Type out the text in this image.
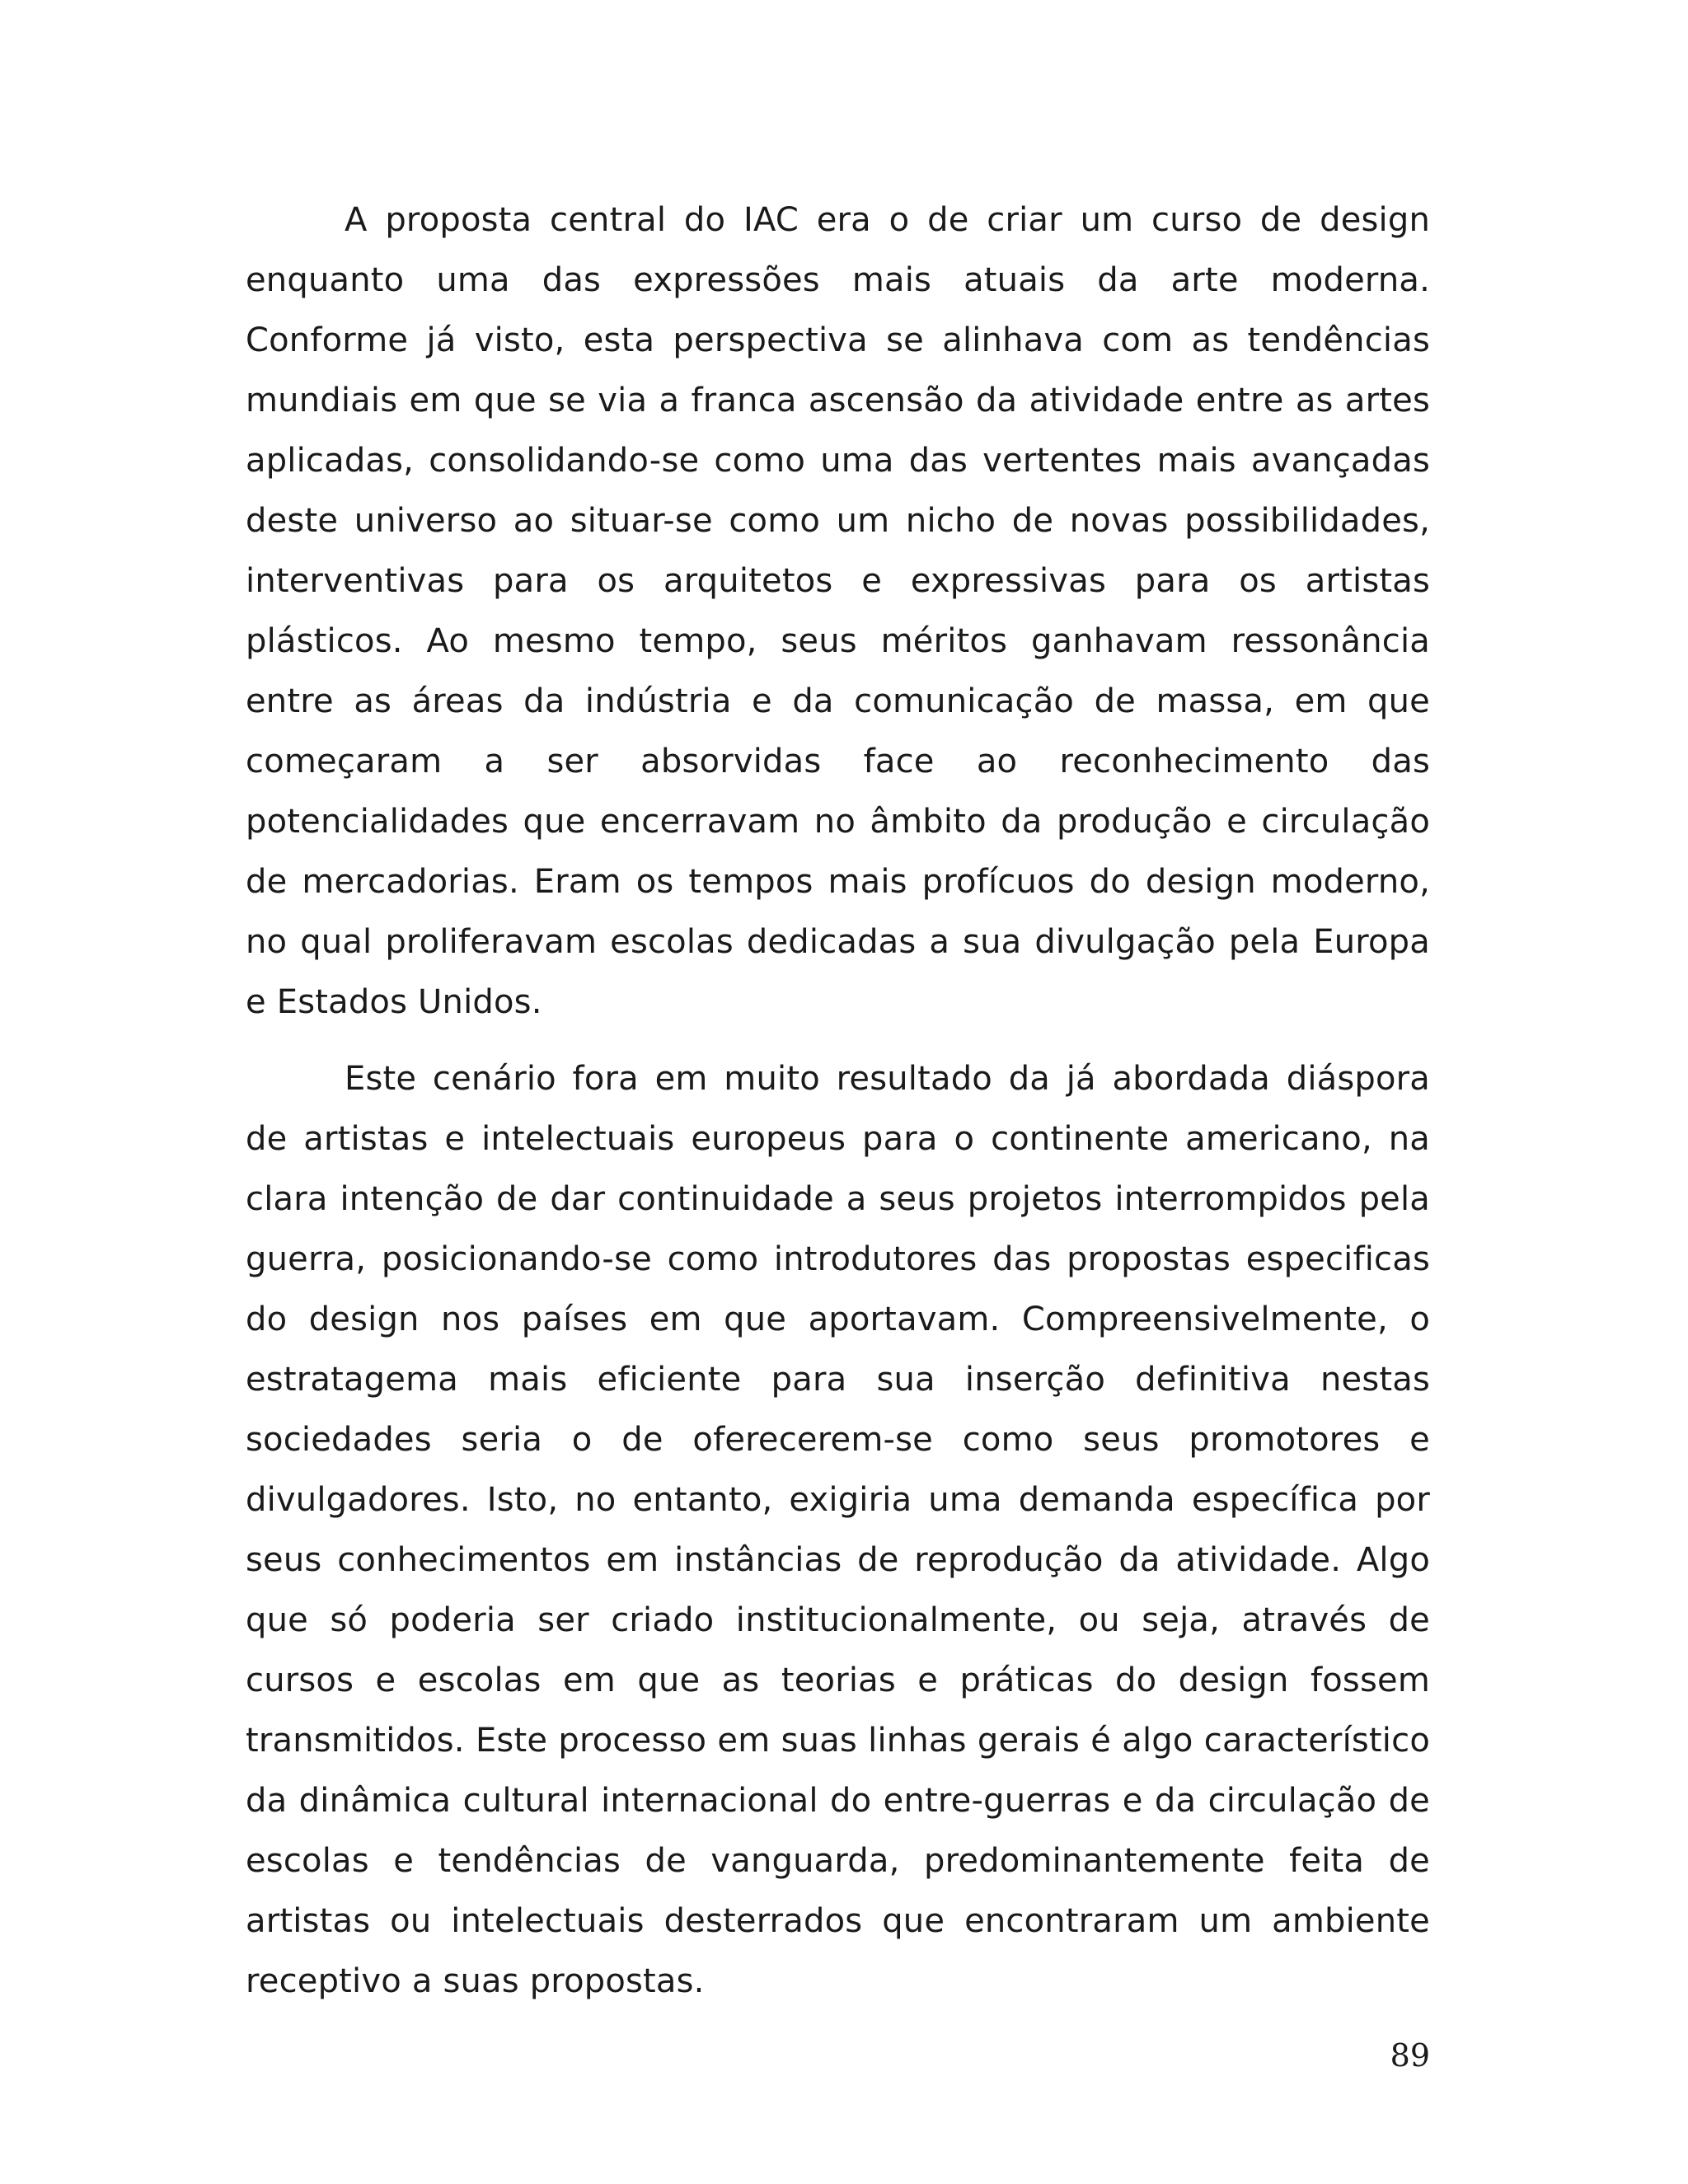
A proposta central do IAC era o de criar um curso de design enquanto uma das expressões mais atuais da arte moderna. Conforme já visto, esta perspectiva se alinhava com as tendências mundiais em que se via a franca ascensão da atividade entre as artes aplicadas, consolidando-se como uma das vertentes mais avançadas deste universo ao situar-se como um nicho de novas possibilidades, interventivas para os arquitetos e expressivas para os artistas plásticos. Ao mesmo tempo, seus méritos ganhavam ressonância entre as áreas da indústria e da comunicação de massa, em que começaram a ser absorvidas face ao reconhecimento das potencialidades que encerravam no âmbito da produção e circulação de mercadorias. Eram os tempos mais profícuos do design moderno, no qual proliferavam escolas dedicadas a sua divulgação pela Europa e Estados Unidos.

Este cenário fora em muito resultado da já abordada diáspora de artistas e intelectuais europeus para o continente americano, na clara intenção de dar continuidade a seus projetos interrompidos pela guerra, posicionando-se como introdutores das propostas especificas do design nos países em que aportavam. Compreensivelmente, o estratagema mais eficiente para sua inserção definitiva nestas sociedades seria o de oferecerem-se como seus promotores e divulgadores. Isto, no entanto, exigiria uma demanda específica por seus conhecimentos em instâncias de reprodução da atividade. Algo que só poderia ser criado institucionalmente, ou seja, através de cursos e escolas em que as teorias e práticas do design fossem transmitidos. Este processo em suas linhas gerais é algo característico da dinâmica cultural internacional do entre-guerras e da circulação de escolas e tendências de vanguarda, predominantemente feita de artistas ou intelectuais desterrados que encontraram um ambiente receptivo a suas propostas.

89
